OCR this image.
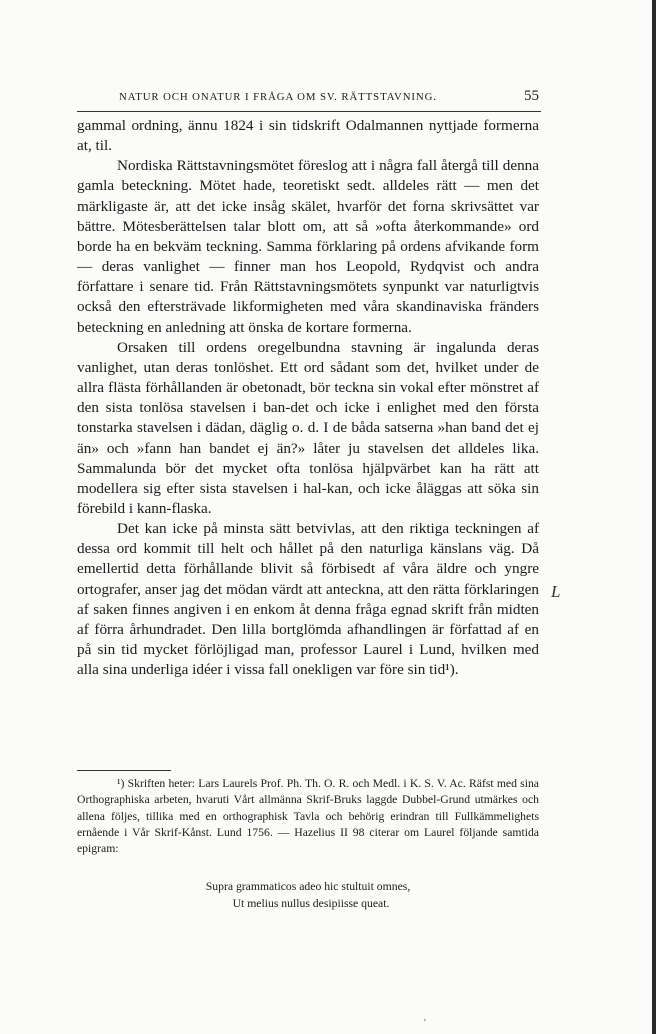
NATUR OCH ONATUR I FRÅGA OM SV. RÄTTSTAVNING.	55

gammal ordning, ännu 1824 i sin tidskrift Odalmannen nyttjade formerna at, til.

Nordiska Rättstavningsmötet föreslog att i några fall återgå till denna gamla beteckning. Mötet hade, teoretiskt sedt. alldeles rätt — men det märkligaste är, att det icke insåg skälet, hvarför det forna skrivsättet var bättre. Mötesberättelsen talar blott om, att så »ofta återkommande» ord borde ha en bekväm teckning. Samma förklaring på ordens afvikande form — deras vanlighet — finner man hos Leopold, Rydqvist och andra författare i senare tid. Från Rättstavningsmötets synpunkt var naturligtvis också den eftersträvade likformigheten med våra skandinaviska fränders beteckning en anledning att önska de kortare formerna.

Orsaken till ordens oregelbundna stavning är ingalunda deras vanlighet, utan deras tonlöshet. Ett ord sådant som det, hvilket under de allra flästa förhållanden är obetonadt, bör teckna sin vokal efter mönstret af den sista tonlösa stavelsen i ban-det och icke i enlighet med den första tonstarka stavelsen i dädan, däglig o. d. I de båda satserna »han band det ej än» och »fann han bandet ej än?» låter ju stavelsen det alldeles lika. Sammalunda bör det mycket ofta tonlösa hjälpvärbet kan ha rätt att modellera sig efter sista stavelsen i hal-kan, och icke åläggas att söka sin förebild i kann-flaska.

Det kan icke på minsta sätt betvivlas, att den riktiga teckningen af dessa ord kommit till helt och hållet på den naturliga känslans väg. Då emellertid detta förhållande blivit så förbisedt af våra äldre och yngre ortografer, anser jag det mödan värdt att anteckna, att den rätta förklaringen af saken finnes angiven i en enkom åt denna fråga egnad skrift från midten af förra århundradet. Den lilla bortglömda afhandlingen är författad af en på sin tid mycket förlöjligad man, professor Laurel i Lund, hvilken med alla sina underliga idéer i vissa fall onekligen var före sin tid¹).

¹) Skriften heter: Lars Laurels Prof. Ph. Th. O. R. och Medl. i K. S. V. Ac. Räfst med sina Orthographiska arbeten, hvaruti Vårt allmänna Skrif-Bruks laggde Dubbel-Grund utmärkes och allena följes, tillika med en orthographisk Tavla och behörig erindran till Fullkämmelighets ernående i Vår Skrif-Kånst. Lund 1756. — Hazelius II 98 citerar om Laurel följande samtida epigram:

Supra grammaticos adeo hic stultuit omnes,
Ut melius nullus desipiisse queat.
L
'
